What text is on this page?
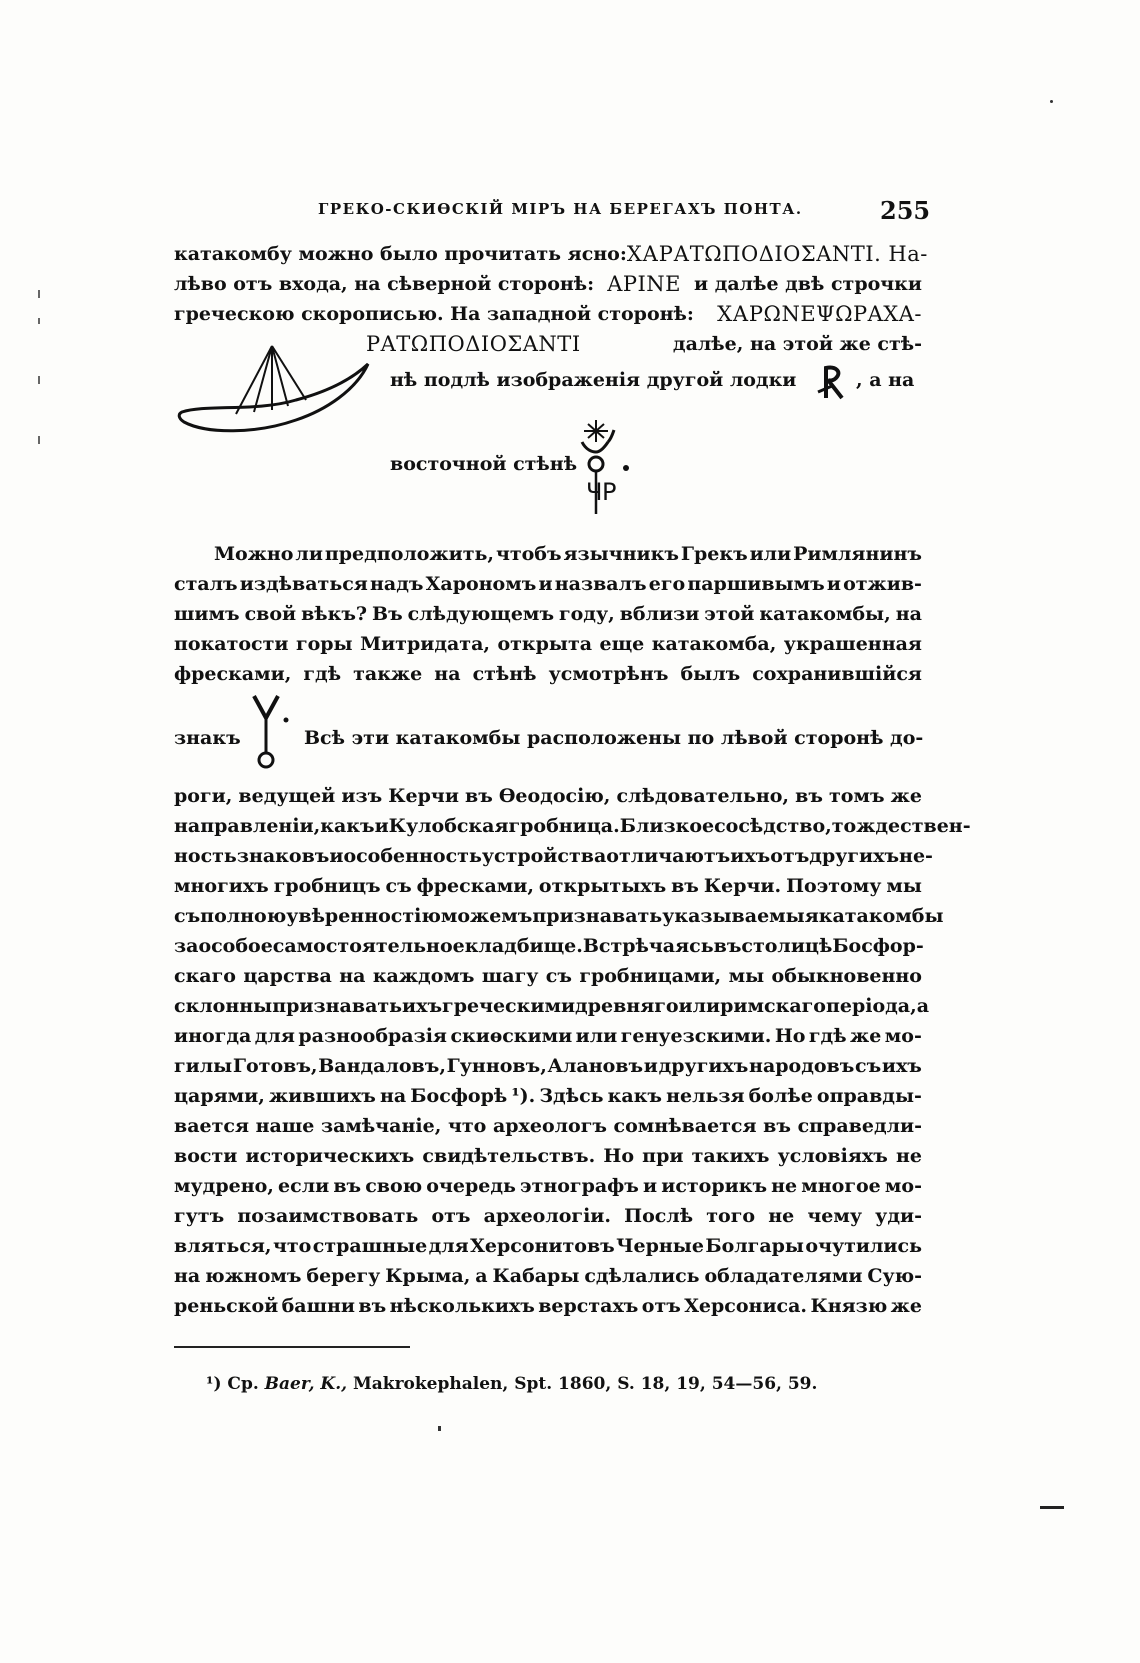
ГРЕКО-СКИѲСКІЙ МІРЪ НА БЕРЕГАХЪ ПОНТА.	255
катакомбу можно было прочитать ясно: ХАРАТΩΠΟΔΙΟΣΑΝΤΙ. На-
лѣво отъ входа, на сѣверной сторонѣ: APINE и далѣе двѣ строчки
греческою скорописью. На западной сторонѣ: ХАРΩΝΕΨΩΡΑΧΑ-
ΡΑΤΩΠΟΔΙΟΣΑΝΤΙ	далѣе, на этой же стѣ-
нѣ подлѣ изображенія другой лодки	, а на
восточной стѣнѣ
Ч Р
Можно ли предположить, чтобъ язычникъ Грекъ или Римлянинъ
сталъ издѣваться надъ Харономъ и назвалъ его паршивымъ и отжив-
шимъ свой вѣкъ? Въ слѣдующемъ году, вблизи этой катакомбы, на
покатости горы Митридата, открыта еще катакомба, украшенная
фресками, гдѣ также на стѣнѣ усмотрѣнъ былъ сохранившійся
знакъ	Всѣ эти катакомбы расположены по лѣвой сторонѣ до-
роги, ведущей изъ Керчи въ Ѳеодосію, слѣдовательно, въ томъ же
направленіи, какъ и Кулобская гробница. Близкое сосѣдство, тождествен-
ность знаковъ и особенность устройства отличаютъ ихъ отъ другихъ не-
многихъ гробницъ съ фресками, открытыхъ въ Керчи. Поэтому мы
съ полною увѣренностію можемъ признавать указываемыя катакомбы
за особое самостоятельное кладбище. Встрѣчаясь въ столицѣ Босфор-
скаго царства на каждомъ шагу съ гробницами, мы обыкновенно
склонны признавать ихъ греческими древняго или римскаго періода, а
иногда для разнообразія скиѳскими или генуезскими. Но гдѣ же мо-
гилы Готовъ, Вандаловъ, Гунновъ, Алановъ и другихъ народовъ съ ихъ
царями, жившихъ на Босфорѣ ¹). Здѣсь какъ нельзя болѣе оправды-
вается наше замѣчаніе, что археологъ сомнѣвается въ справедли-
вости историческихъ свидѣтельствъ. Но при такихъ условіяхъ не
мудрено, если въ свою очередь этнографъ и историкъ не многое мо-
гутъ позаимствовать отъ археологіи. Послѣ того не чему уди-
вляться, что страшные для Херсонитовъ Черные Болгары очутились
на южномъ берегу Крыма, а Кабары сдѣлались обладателями Сую-
реньской башни въ нѣсколькихъ верстахъ отъ Херсониса. Князю же
¹) Ср. Baer, K., Makrokephalen, Spt. 1860, S. 18, 19, 54—56, 59.
